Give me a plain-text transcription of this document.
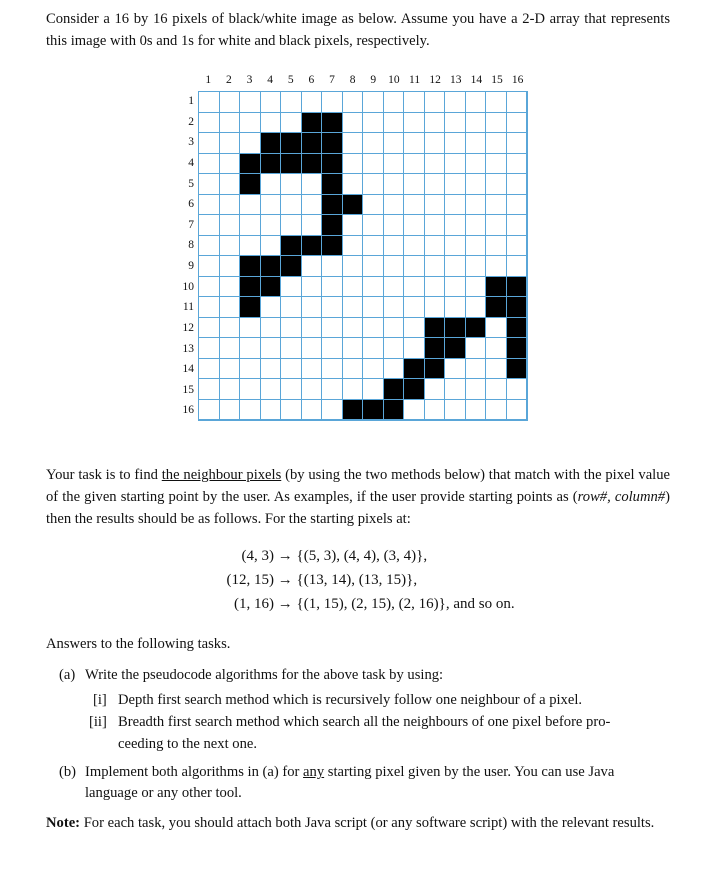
Consider a 16 by 16 pixels of black/white image as below. Assume you have a 2-D array that represents this image with 0s and 1s for white and black pixels, respectively.
1	2	3	4	5	6	7	8	9	10 11 12 13 14 15 16
1
2
3
4
5
6
7
8
9
10
11
12
13
14
15
16
Your task is to find the neighbour pixels (by using the two methods below) that match with the pixel value of the given starting point by the user. As examples, if the user provide starting points as (row#, column#) then the results should be as follows. For the starting pixels at:
(4, 3) → {(5, 3), (4, 4), (3, 4)},
(12, 15) → {(13, 14), (13, 15)},
(1, 16) → {(1, 15), (2, 15), (2, 16)}, and so on.
Answers to the following tasks.
(a) Write the pseudocode algorithms for the above task by using:
[i] Depth first search method which is recursively follow one neighbour of a pixel.
[ii] Breadth first search method which search all the neighbours of one pixel before pro-
ceeding to the next one.
(b) Implement both algorithms in (a) for any starting pixel given by the user. You can use Java
language or any other tool.
Note: For each task, you should attach both Java script (or any software script) with the relevant results.
